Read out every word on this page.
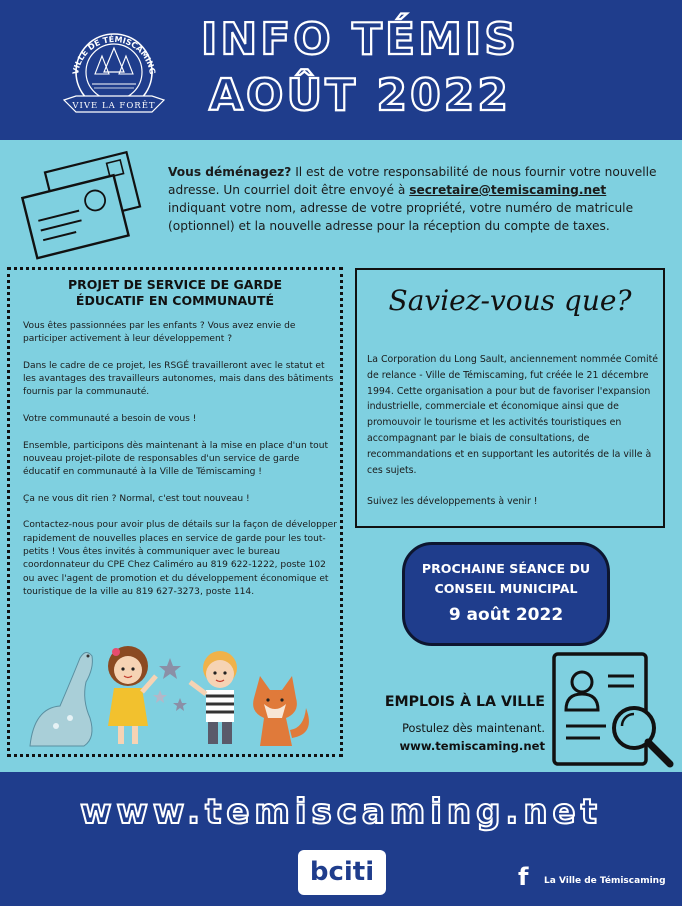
VILLE DE TÉMISCAMING
VIVE LA FORÊT
INFO TÉMIS
AOÛT 2022
Vous déménagez? Il est de votre responsabilité de nous fournir votre nouvelle adresse. Un courriel doit être envoyé à secretaire@temiscaming.net indiquant votre nom, adresse de votre propriété, votre numéro de matricule (optionnel) et la nouvelle adresse pour la réception du compte de taxes.
PROJET DE SERVICE DE GARDE
ÉDUCATIF EN COMMUNAUTÉ

Vous êtes passionnées par les enfants ? Vous avez envie de participer activement à leur développement ?

Dans le cadre de ce projet, les RSGÉ travailleront avec le statut et les avantages des travailleurs autonomes, mais dans des bâtiments fournis par la communauté.

Votre communauté a besoin de vous !

Ensemble, participons dès maintenant à la mise en place d'un tout nouveau projet-pilote de responsables d'un service de garde éducatif en communauté à la Ville de Témiscaming !

Ça ne vous dit rien ? Normal, c'est tout nouveau !

Contactez-nous pour avoir plus de détails sur la façon de développer rapidement de nouvelles places en service de garde pour les tout-petits ! Vous êtes invités à communiquer avec le bureau coordonnateur du CPE Chez Caliméro au 819 622-1222, poste 102 ou avec l'agent de promotion et du développement économique et touristique de la ville au 819 627-3273, poste 114.

Saviez-vous que?

La Corporation du Long Sault, anciennement nommée Comité de relance - Ville de Témiscaming, fut créée le 21 décembre 1994. Cette organisation a pour but de favoriser l'expansion industrielle, commerciale et économique ainsi que de promouvoir le tourisme et les activités touristiques en accompagnant par le biais de consultations, de recommandations et en supportant les autorités de la ville à ces sujets.

Suivez les développements à venir !

PROCHAINE SÉANCE DU
CONSEIL MUNICIPAL
9 août 2022
EMPLOIS À LA VILLE
Postulez dès maintenant.
www.temiscaming.net
www.temiscaming.net
bciti	f	La Ville de Témiscaming
